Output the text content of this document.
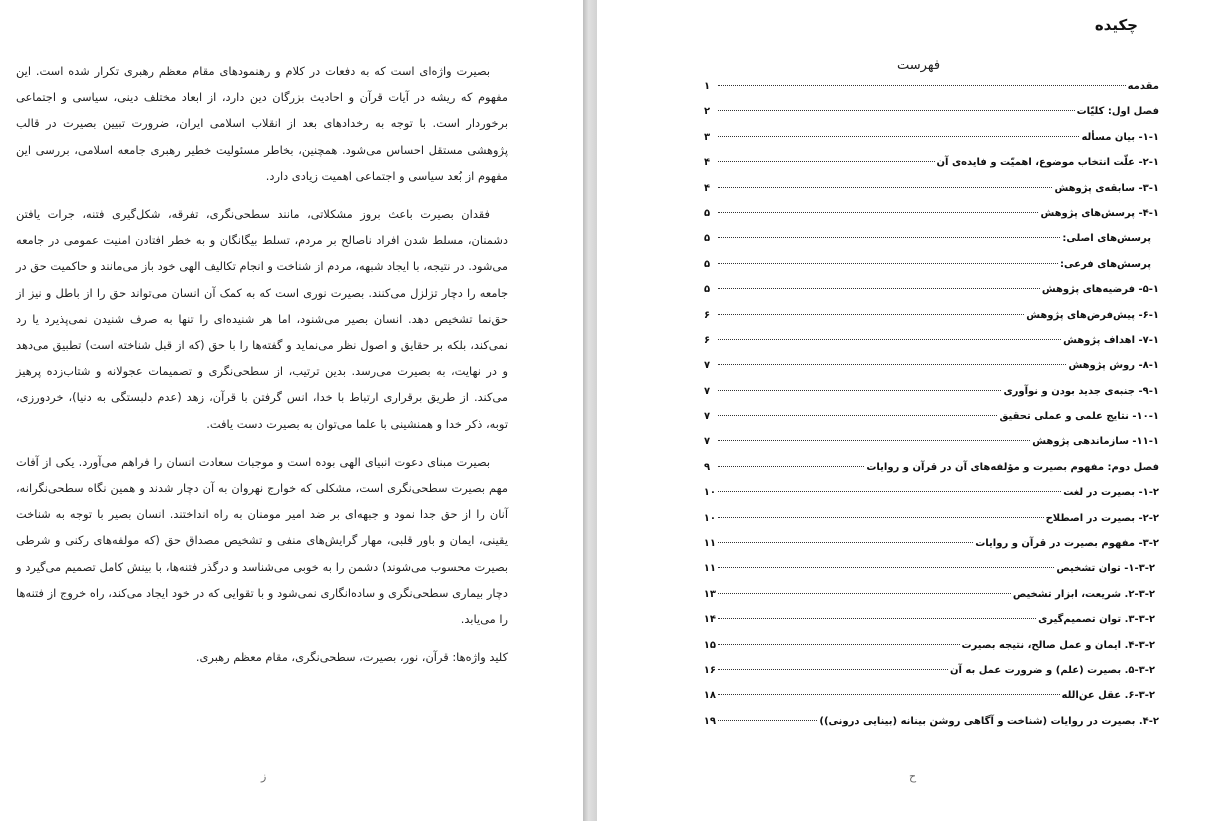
چکیده

بصیرت واژه‌ای است که به دفعات در کلام و رهنمودهای مقام معظم رهبری تکرار شده است. این مفهوم که ریشه در آیات قرآن و احادیث بزرگان دین دارد، از ابعاد مختلف دینی، سیاسی و اجتماعی برخوردار است. با توجه به رخدادهای بعد از انقلاب اسلامی ایران، ضرورت تبیین بصیرت در قالب پژوهشی مستقل احساس می‌شود. همچنین، بخاطر مسئولیت خطیر رهبری جامعه اسلامی، بررسی این مفهوم از بُعد سیاسی و اجتماعی اهمیت زیادی دارد.

فقدان بصیرت باعث بروز مشکلاتی، مانند سطحی‌نگری، تفرقه، شکل‌گیری فتنه، جرات یافتن دشمنان، مسلط شدن افراد ناصالح بر مردم، تسلط بیگانگان و به خطر افتادن امنیت عمومی در جامعه می‌شود. در نتیجه، با ایجاد شبهه، مردم از شناخت و انجام تکالیف الهی خود باز می‌مانند و حاکمیت حق در جامعه را دچار تزلزل می‌کنند. بصیرت نوری است که به کمک آن انسان می‌تواند حق را از باطل و نیز از حق‌نما تشخیص دهد. انسان بصیر می‌شنود، اما هر شنیده‌ای را تنها به صرف شنیدن نمی‌پذیرد یا رد نمی‌کند، بلکه بر حقایق و اصول نظر می‌نماید و گفته‌ها را با حق (که از قبل شناخته است) تطبیق می‌دهد و در نهایت، به بصیرت می‌رسد. بدین ترتیب، از سطحی‌نگری و تصمیمات عجولانه و شتاب‌زده پرهیز می‌کند. از طریق برقراری ارتباط با خدا، انس گرفتن با قرآن، زهد (عدم دلبستگی به دنیا)، خردورزی، توبه، ذکر خدا و همنشینی با علما می‌توان به بصیرت دست یافت.

بصیرت مبنای دعوت انبیای الهی بوده است و موجبات سعادت انسان را فراهم می‌آورد. یکی از آفات مهم بصیرت سطحی‌نگری است، مشکلی که خوارج نهروان به آن دچار شدند و همین نگاه سطحی‌نگرانه، آنان را از حق جدا نمود و جبهه‌ای بر ضد امیر مومنان به راه انداختند. انسان بصیر با توجه به شناخت یقینی، ایمان و باور قلبی، مهار گرایش‌های منفی و تشخیص مصداق حق (که مولفه‌های رکنی و شرطی بصیرت محسوب می‌شوند) دشمن را به خوبی می‌شناسد و درگذر فتنه‌ها، با بینش کامل تصمیم می‌گیرد و دچار بیماری سطحی‌نگری و ساده‌انگاری نمی‌شود و با تقوایی که در خود ایجاد می‌کند، راه خروج از فتنه‌ها را می‌یابد.

کلید واژه‌ها: قرآن، نور، بصیرت، سطحی‌نگری، مقام معظم رهبری.

ز
فهرست
مقدمه
۱
فصل اول: کلیّات
۲
۱-۱- بیان مسأله
۳
۲-۱- علّت انتخاب موضوع، اهمیّت و فایده‌ی آن
۴
۳-۱- سابقه‌ی پژوهش
۴
۴-۱- پرسش‌های پژوهش
۵
پرسش‌های اصلی:
۵
پرسش‌های فرعی:
۵
۵-۱- فرضیه‌های پژوهش
۵
۶-۱- پیش‌فرض‌های پژوهش
۶
۷-۱- اهداف پژوهش
۶
۸-۱- روش پژوهش
۷
۹-۱- جنبه‌ی جدید بودن و نوآوری
۷
۱۰-۱- نتایج علمی و عملی تحقیق
۷
۱۱-۱- سازماندهی پژوهش
۷
فصل دوم: مفهوم بصیرت و مؤلفه‌های آن در قرآن و روایات
۹
۱-۲- بصیرت در لغت
۱۰
۲-۲- بصیرت در اصطلاح
۱۰
۳-۲- مفهوم بصیرت در قرآن و روایات
۱۱
۱-۳-۲- توان تشخیص
۱۱
۲-۳-۲. شریعت، ابزار تشخیص
۱۳
۳-۳-۲. توان تصمیم‌گیری
۱۴
۴-۳-۲. ایمان و عمل صالح، نتیجه بصیرت
۱۵
۵-۳-۲. بصیرت (علم) و ضرورت عمل به آن
۱۶
۶-۳-۲. عقل عن‌الله
۱۸
۴-۲. بصیرت در روایات (شناخت و آگاهی روشن بینانه (بینایی درونی))
۱۹
ح
